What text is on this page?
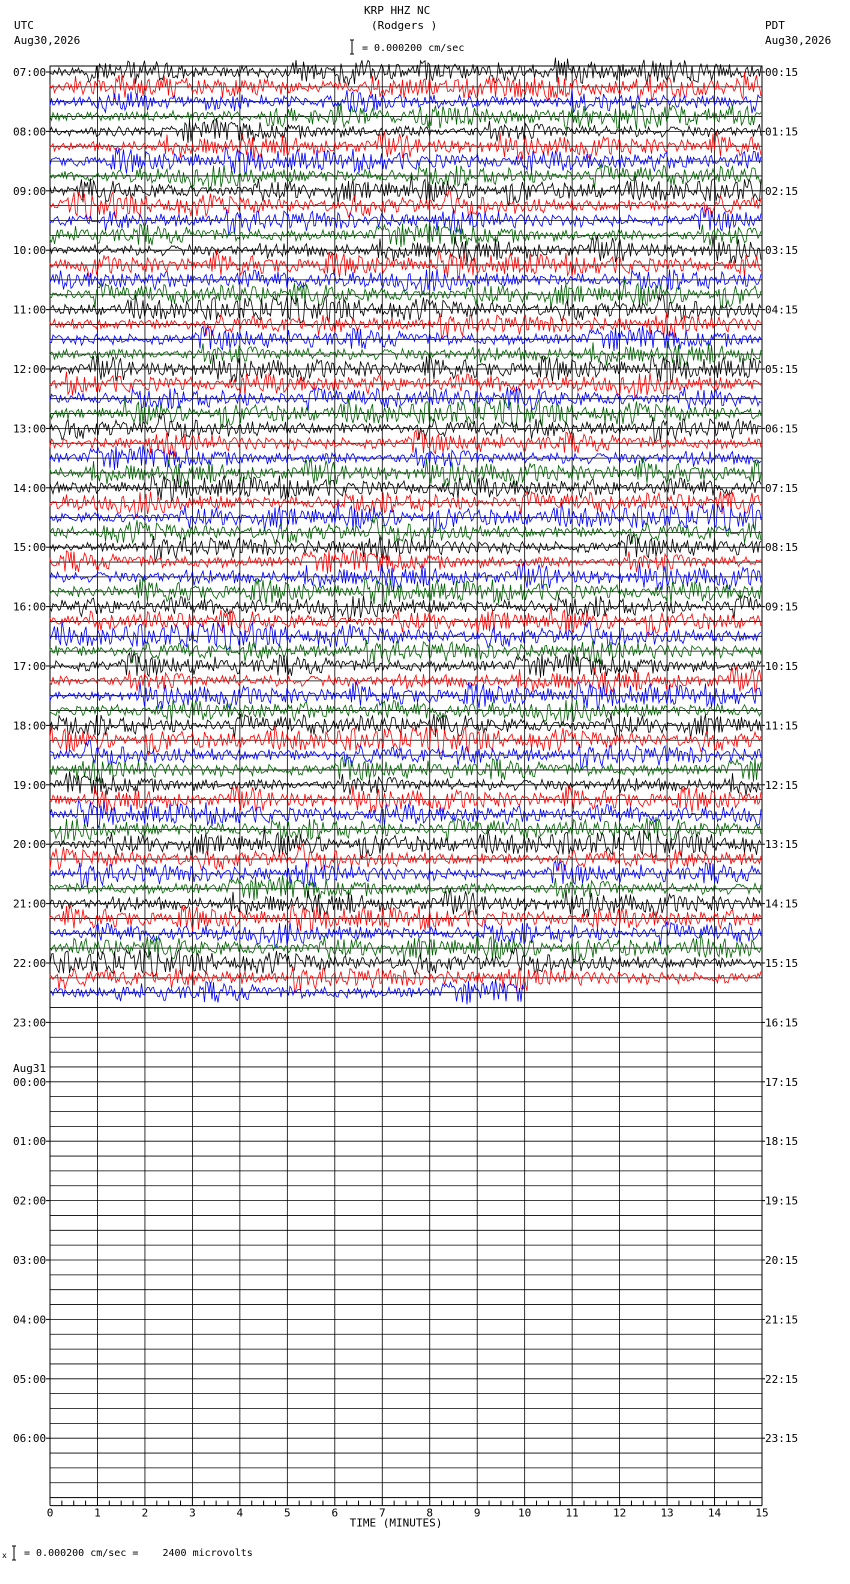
KRP HHZ NC
(Rodgers )
UTC
Aug30,2026
PDT
Aug30,2026
= 0.000200 cm/sec
x = 0.000200 cm/sec =    2400 microvolts
0	1	2	3	4	5	6	7	8	9	10	11	12	13	14	15
TIME (MINUTES)
07:00
08:00
09:00
10:00
11:00
12:00
13:00
14:00
15:00
16:00
17:00
18:00
19:00
20:00
21:00
22:00
23:00
00:00
01:00
02:00
03:00
04:00
05:00
06:00
Aug31
00:15
01:15
02:15
03:15
04:15
05:15
06:15
07:15
08:15
09:15
10:15
11:15
12:15
13:15
14:15
15:15
16:15
17:15
18:15
19:15
20:15
21:15
22:15
23:15
